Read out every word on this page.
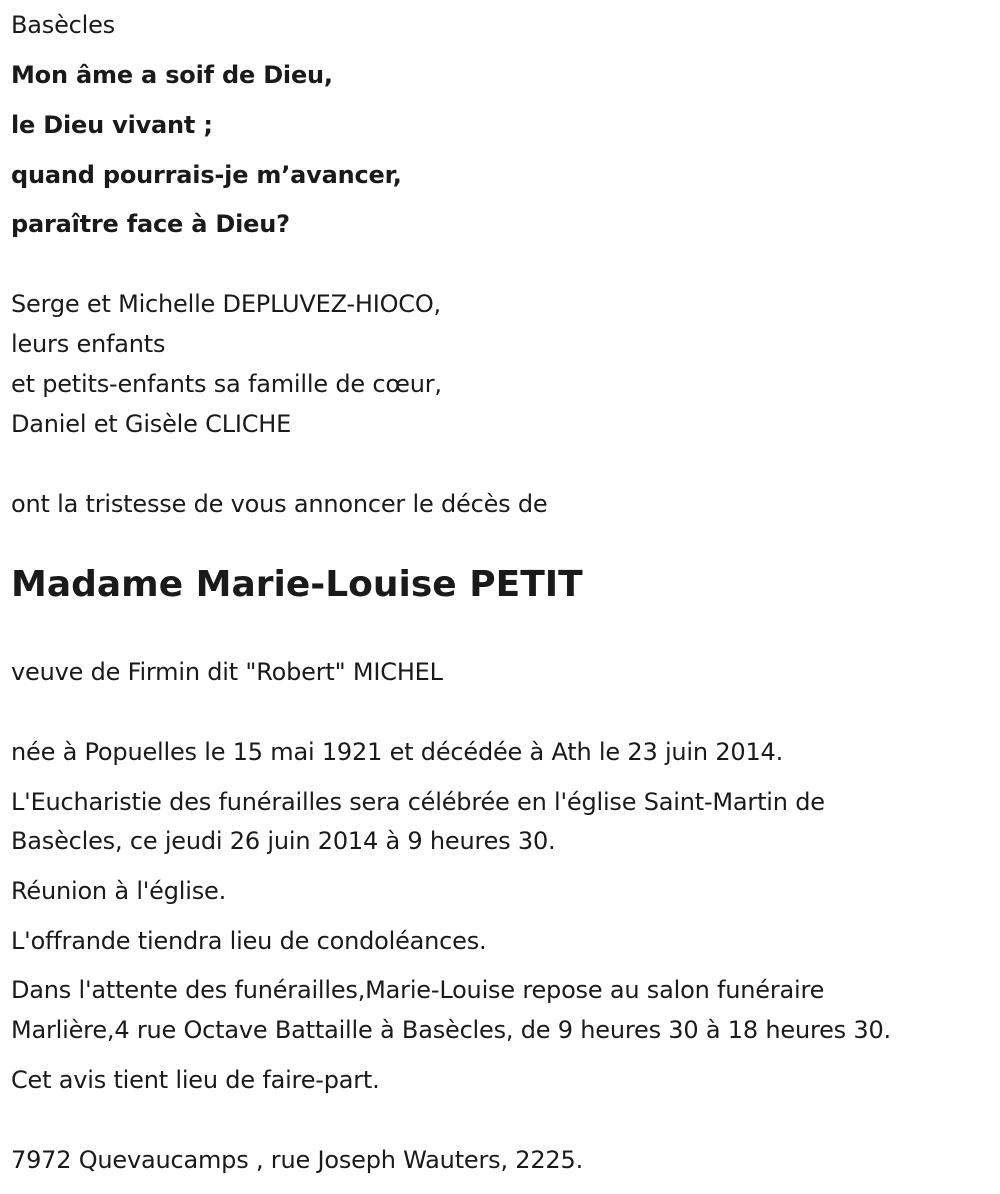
Basècles
Mon âme a soif de Dieu,
le Dieu vivant ;
quand pourrais-je m’avancer,
paraître face à Dieu?
Serge et Michelle DEPLUVEZ-HIOCO,
leurs enfants
et petits-enfants sa famille de cœur,
Daniel et Gisèle CLICHE
ont la tristesse de vous annoncer le décès de
Madame Marie-Louise PETIT
veuve de Firmin dit "Robert" MICHEL
née à Popuelles le 15 mai 1921 et décédée à Ath le 23 juin 2014.
L'Eucharistie des funérailles sera célébrée en l'église Saint-Martin de
Basècles, ce jeudi 26 juin 2014 à 9 heures 30.
Réunion à l'église.
L'offrande tiendra lieu de condoléances.
Dans l'attente des funérailles,Marie-Louise repose au salon funéraire
Marlière,4 rue Octave Battaille à Basècles, de 9 heures 30 à 18 heures 30.
Cet avis tient lieu de faire-part.
7972 Quevaucamps , rue Joseph Wauters, 2225.
